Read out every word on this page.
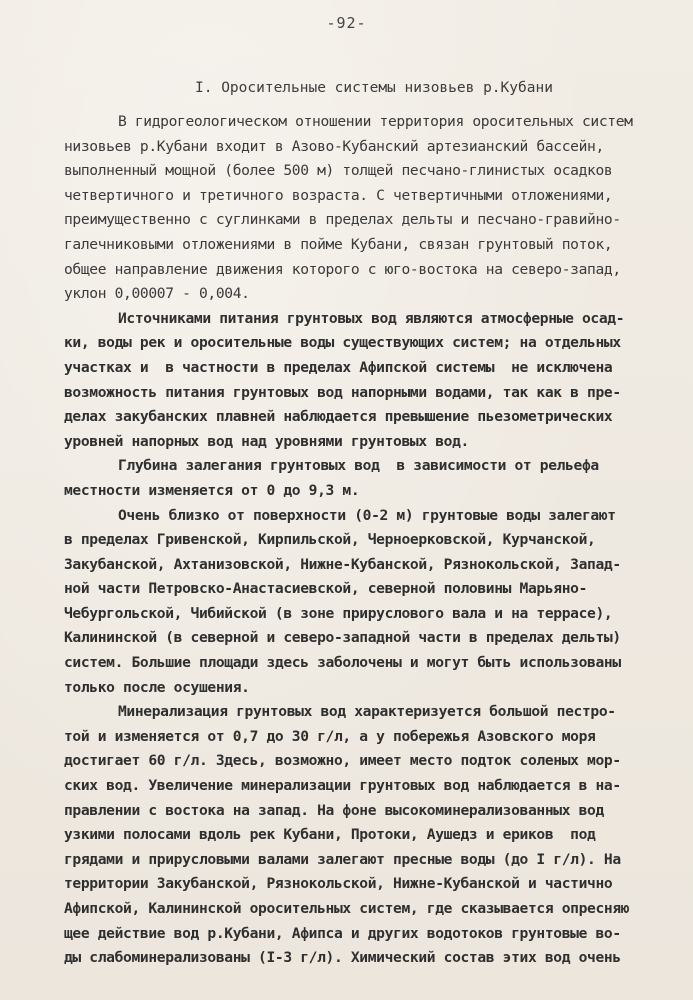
-92-
I. Оросительные системы низовьев р.Кубани
В гидрогеологическом отношении территория оросительных систем
низовьев р.Кубани входит в Азово-Кубанский артезианский бассейн,
выполненный мощной (более 500 м) толщей песчано-глинистых осадков
четвертичного и третичного возраста. С четвертичными отложениями,
преимущественно с суглинками в пределах дельты и песчано-гравийно-
галечниковыми отложениями в пойме Кубани, связан грунтовый поток,
общее направление движения которого с юго-востока на северо-запад,
уклон 0,00007 - 0,004.
Источниками питания грунтовых вод являются атмосферные осад-
ки, воды рек и оросительные воды существующих систем; на отдельных
участках и  в частности в пределах Афипской системы  не исключена
возможность питания грунтовых вод напорными водами, так как в пре-
делах закубанских плавней наблюдается превышение пьезометрических
уровней напорных вод над уровнями грунтовых вод.
Глубина залегания грунтовых вод  в зависимости от рельефа
местности изменяется от 0 до 9,3 м.
Очень близко от поверхности (0-2 м) грунтовые воды залегают
в пределах Гривенской, Кирпильской, Черноерковской, Курчанской,
Закубанской, Ахтанизовской, Нижне-Кубанской, Рязнокольской, Запад-
ной части Петровско-Анастасиевской, северной половины Марьяно-
Чебургольской, Чибийской (в зоне прируслового вала и на террасе),
Калининской (в северной и северо-западной части в пределах дельты)
систем. Большие площади здесь заболочены и могут быть использованы
только после осушения.
Минерализация грунтовых вод характеризуется большой пестро-
той и изменяется от 0,7 до 30 г/л, а у побережья Азовского моря
достигает 60 г/л. Здесь, возможно, имеет место подток соленых мор-
ских вод. Увеличение минерализации грунтовых вод наблюдается в на-
правлении с востока на запад. На фоне высокоминерализованных вод
узкими полосами вдоль рек Кубани, Протоки, Аушедз и ериков  под
грядами и прирусловыми валами залегают пресные воды (до I г/л). На
территории Закубанской, Рязнокольской, Нижне-Кубанской и частично
Афипской, Калининской оросительных систем, где сказывается опресняю
щее действие вод р.Кубани, Афипса и других водотоков грунтовые во-
ды слабоминерализованы (I-3 г/л). Химический состав этих вод очень
